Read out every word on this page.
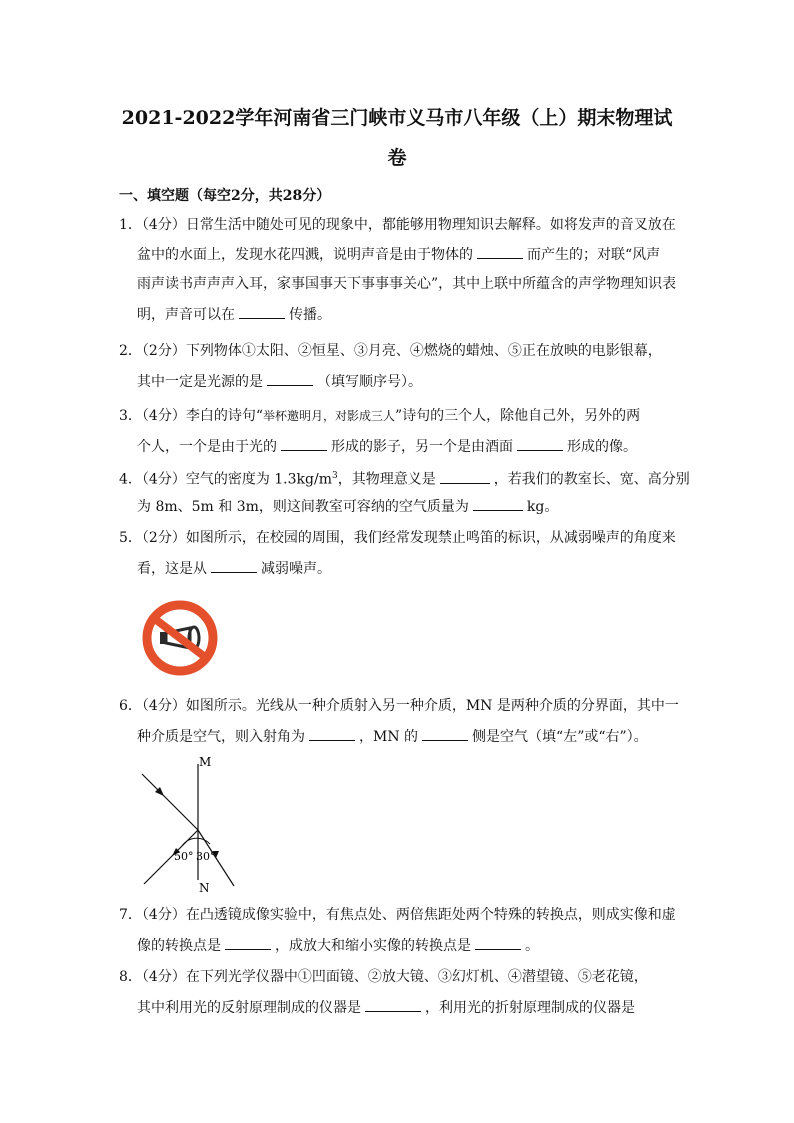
2021-2022学年河南省三门峡市义马市八年级（上）期末物理试
卷
一、填空题（每空2分，共28分）
1．（4分）日常生活中随处可见的现象中，都能够用物理知识去解释。如将发声的音叉放在
盆中的水面上，发现水花四溅，说明声音是由于物体的	而产生的；对联“风声
雨声读书声声声入耳，家事国事天下事事事关心”，其中上联中所蕴含的声学物理知识表
明，声音可以在	传播。
2．（2分）下列物体①太阳、②恒星、③月亮、④燃烧的蜡烛、⑤正在放映的电影银幕，
其中一定是光源的是	（填写顺序号）。
3．（4分）李白的诗句“举杯邀明月，对影成三人”诗句的三个人，除他自己外，另外的两
个人，一个是由于光的	形成的影子，另一个是由酒面	形成的像。
4．（4分）空气的密度为 $1.3kg/m^3$，其物理意义是	，若我们的教室长、宽、高分别
为 8m、5m 和 3m，则这间教室可容纳的空气质量为	kg。
5．（2分）如图所示，在校园的周围，我们经常发现禁止鸣笛的标识，从减弱噪声的角度来
看，这是从	减弱噪声。
6．（4分）如图所示。光线从一种介质射入另一种介质，MN 是两种介质的分界面，其中一
种介质是空气，则入射角为	，MN 的	侧是空气（填“左”或“右”）。
M
N
50° 30°
7．（4分）在凸透镜成像实验中，有焦点处、两倍焦距处两个特殊的转换点，则成实像和虚
像的转换点是	，成放大和缩小实像的转换点是	。
8．（4分）在下列光学仪器中①凹面镜、②放大镜、③幻灯机、④潜望镜、⑤老花镜，
其中利用光的反射原理制成的仪器是	，利用光的折射原理制成的仪器是
